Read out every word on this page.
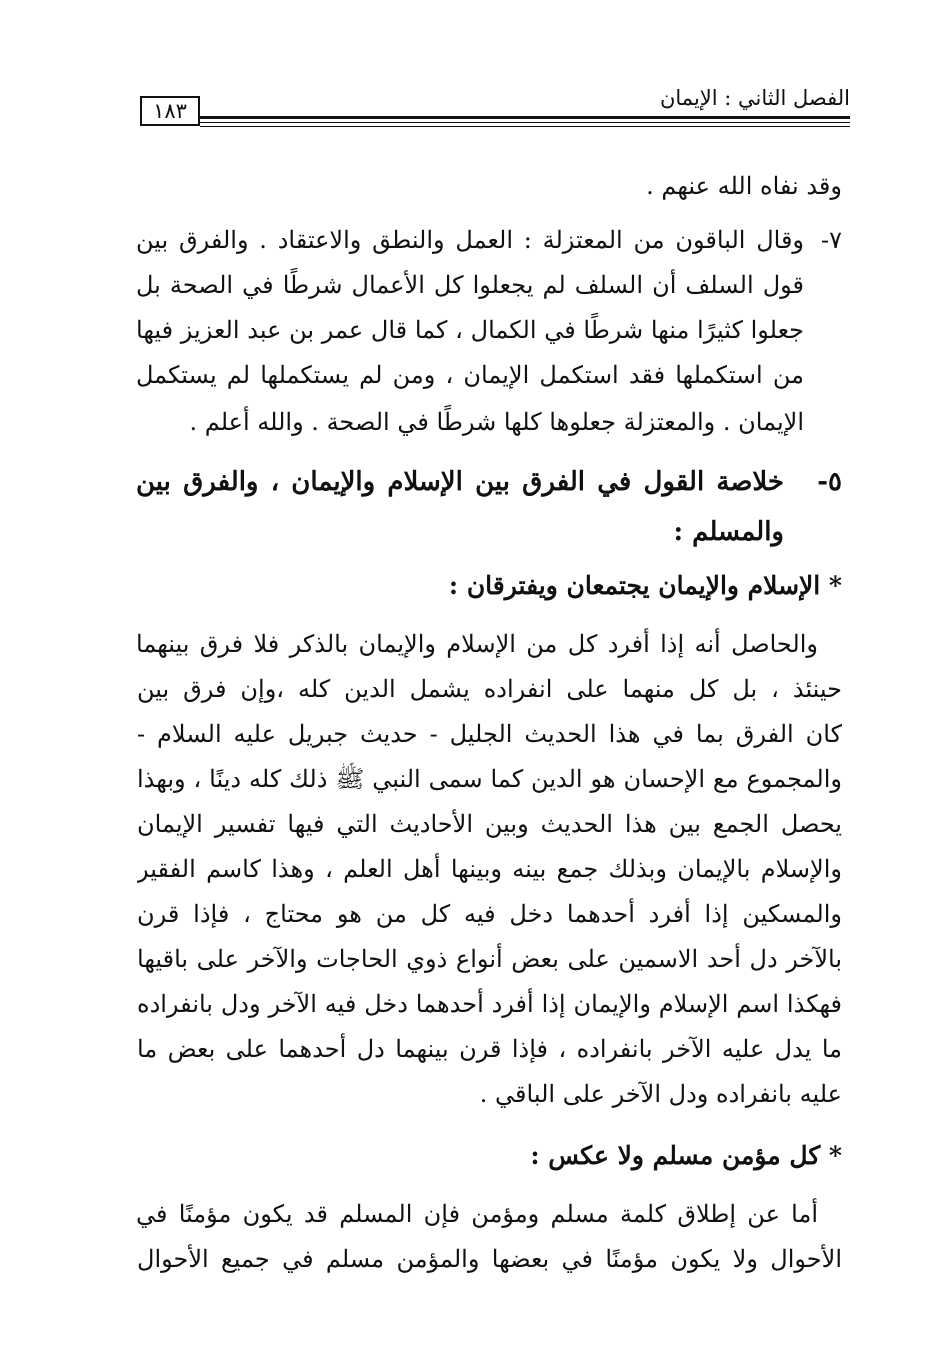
الفصل الثاني : الإيمان
١٨٣
وقد نفاه الله عنهم .
٧-
وقال الباقون من المعتزلة : العمل والنطق والاعتقاد . والفرق بين
قول السلف أن السلف لم يجعلوا كل الأعمال شرطًا في الصحة بل
جعلوا كثيرًا منها شرطًا في الكمال ، كما قال عمر بن عبد العزيز فيها
من استكملها فقد استكمل الإيمان ، ومن لم يستكملها لم يستكمل
الإيمان . والمعتزلة جعلوها كلها شرطًا في الصحة . والله أعلم .
٥-
خلاصة القول في الفرق بين الإسلام والإيمان ، والفرق بين
والمسلم :
* الإسلام والإيمان يجتمعان ويفترقان :
والحاصل أنه إذا أفرد كل من الإسلام والإيمان بالذكر فلا فرق بينهما
حينئذ ، بل كل منهما على انفراده يشمل الدين كله ،وإن فرق بين
كان الفرق بما في هذا الحديث الجليل - حديث جبريل عليه السلام -
والمجموع مع الإحسان هو الدين كما سمى النبي ﷺ ذلك كله دينًا ، وبهذا
يحصل الجمع بين هذا الحديث وبين الأحاديث التي فيها تفسير الإيمان
والإسلام بالإيمان وبذلك جمع بينه وبينها أهل العلم ، وهذا كاسم الفقير
والمسكين إذا أفرد أحدهما دخل فيه كل من هو محتاج ، فإذا قرن
بالآخر دل أحد الاسمين على بعض أنواع ذوي الحاجات والآخر على باقيها
فهكذا اسم الإسلام والإيمان إذا أفرد أحدهما دخل فيه الآخر ودل بانفراده
ما يدل عليه الآخر بانفراده ، فإذا قرن بينهما دل أحدهما على بعض ما
عليه بانفراده ودل الآخر على الباقي .
* كل مؤمن مسلم ولا عكس :
أما عن إطلاق كلمة مسلم ومؤمن فإن المسلم قد يكون مؤمنًا في
الأحوال ولا يكون مؤمنًا في بعضها والمؤمن مسلم في جميع الأحوال
